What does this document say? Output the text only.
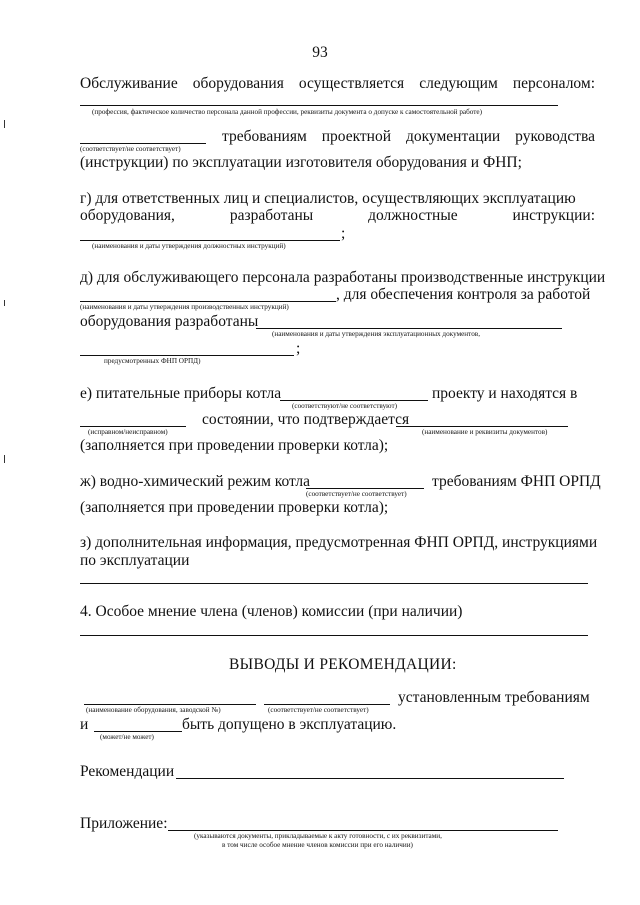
93
Обслуживание оборудования осуществляется следующим персоналом:
(профессия, фактическое количество персонала данной профессии, реквизиты документа о допуске к самостоятельной работе)
(соответствует/не соответствует)
требованиям проектной документации руководства
(инструкции) по эксплуатации изготовителя оборудования и ФНП;
г) для ответственных лиц и специалистов, осуществляющих эксплуатацию
оборудования,	разработаны	должностные	инструкции:
;
(наименования и даты утверждения должностных инструкций)
д) для обслуживающего персонала разработаны производственные инструкции
, для обеспечения контроля за работой
(наименования и даты утверждения производственных инструкций)
оборудования разработаны
(наименования и даты утверждения эксплуатационных документов,
;
предусмотренных ФНП ОРПД)
е) питательные приборы котла
(соответствуют/не соответствуют)
проекту и находятся в
(исправном/неисправном)
состоянии, что подтверждается
(наименование и реквизиты документов)
(заполняется при проведении проверки котла);
ж) водно-химический режим котла
(соответствует/не соответствует)
требованиям ФНП ОРПД
(заполняется при проведении проверки котла);
з) дополнительная информация, предусмотренная ФНП ОРПД, инструкциями
по эксплуатации
4. Особое мнение члена (членов) комиссии (при наличии)
ВЫВОДЫ И РЕКОМЕНДАЦИИ:
(наименование оборудования, заводской №)	(соответствует/не соответствует)
установленным требованиям
и
(может/не может)
быть допущено в эксплуатацию.
Рекомендации
Приложение:
(указываются документы, прикладываемые к акту готовности, с их реквизитами,
в том числе особое мнение членов комиссии при его наличии)
